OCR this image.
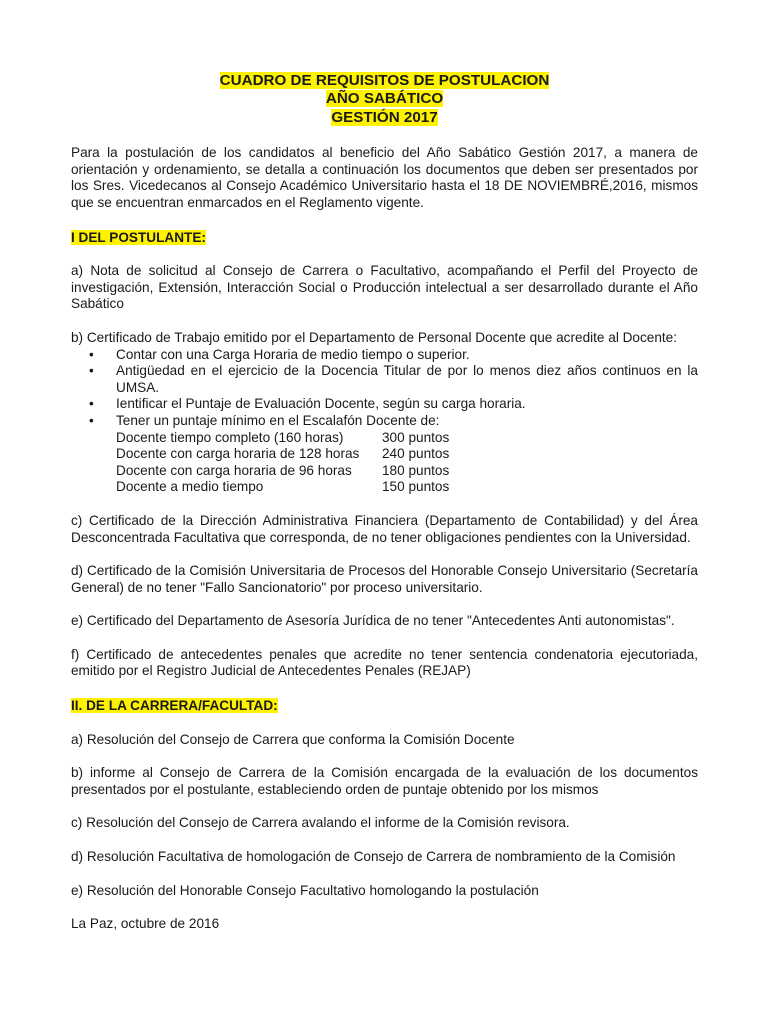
CUADRO DE REQUISITOS DE POSTULACION
AÑO SABÁTICO
GESTIÓN 2017

Para la postulación de los candidatos al beneficio del Año Sabático Gestión 2017, a manera de orientación y ordenamiento, se detalla a continuación los documentos que deben ser presentados por los Sres. Vicedecanos al Consejo Académico Universitario hasta el 18 DE NOVIEMBRÉ,2016, mismos que se encuentran enmarcados en el Reglamento vigente.

I DEL POSTULANTE:

a) Nota de solicitud al Consejo de Carrera o Facultativo, acompañando el Perfil del Proyecto de investigación, Extensión, Interacción Social o Producción intelectual a ser desarrollado durante el Año Sabático

b) Certificado de Trabajo emitido por el Departamento de Personal Docente que acredite al Docente:

• Contar con una Carga Horaria de medio tiempo o superior.
• Antigüedad en el ejercicio de la Docencia Titular de por lo menos diez años continuos en la UMSA.
• Ientificar el Puntaje de Evaluación Docente, según su carga horaria.
• Tener un puntaje mínimo en el Escalafón Docente de:
Docente tiempo completo (160 horas)	300 puntos
Docente con carga horaria de 128 horas	240 puntos
Docente con carga horaria de 96 horas	180 puntos
Docente a medio tiempo	150 puntos

c) Certificado de la Dirección Administrativa Financiera (Departamento de Contabilidad) y del Área Desconcentrada Facultativa que corresponda, de no tener obligaciones pendientes con la Universidad.

d) Certificado de la Comisión Universitaria de Procesos del Honorable Consejo Universitario (Secretaría General) de no tener "Fallo Sancionatorio" por proceso universitario.

e) Certificado del Departamento de Asesoría Jurídica de no tener "Antecedentes Anti autonomistas".

f) Certificado de antecedentes penales que acredite no tener sentencia condenatoria ejecutoriada, emitido por el Registro Judicial de Antecedentes Penales (REJAP)

II. DE LA CARRERA/FACULTAD:

a) Resolución del Consejo de Carrera que conforma la Comisión Docente

b) informe al Consejo de Carrera de la Comisión encargada de la evaluación de los documentos presentados por el postulante, estableciendo orden de puntaje obtenido por los mismos

c) Resolución del Consejo de Carrera avalando el informe de la Comisión revisora.

d) Resolución Facultativa de homologación de Consejo de Carrera de nombramiento de la Comisión

e) Resolución del Honorable Consejo Facultativo homologando la postulación

La Paz, octubre de 2016
